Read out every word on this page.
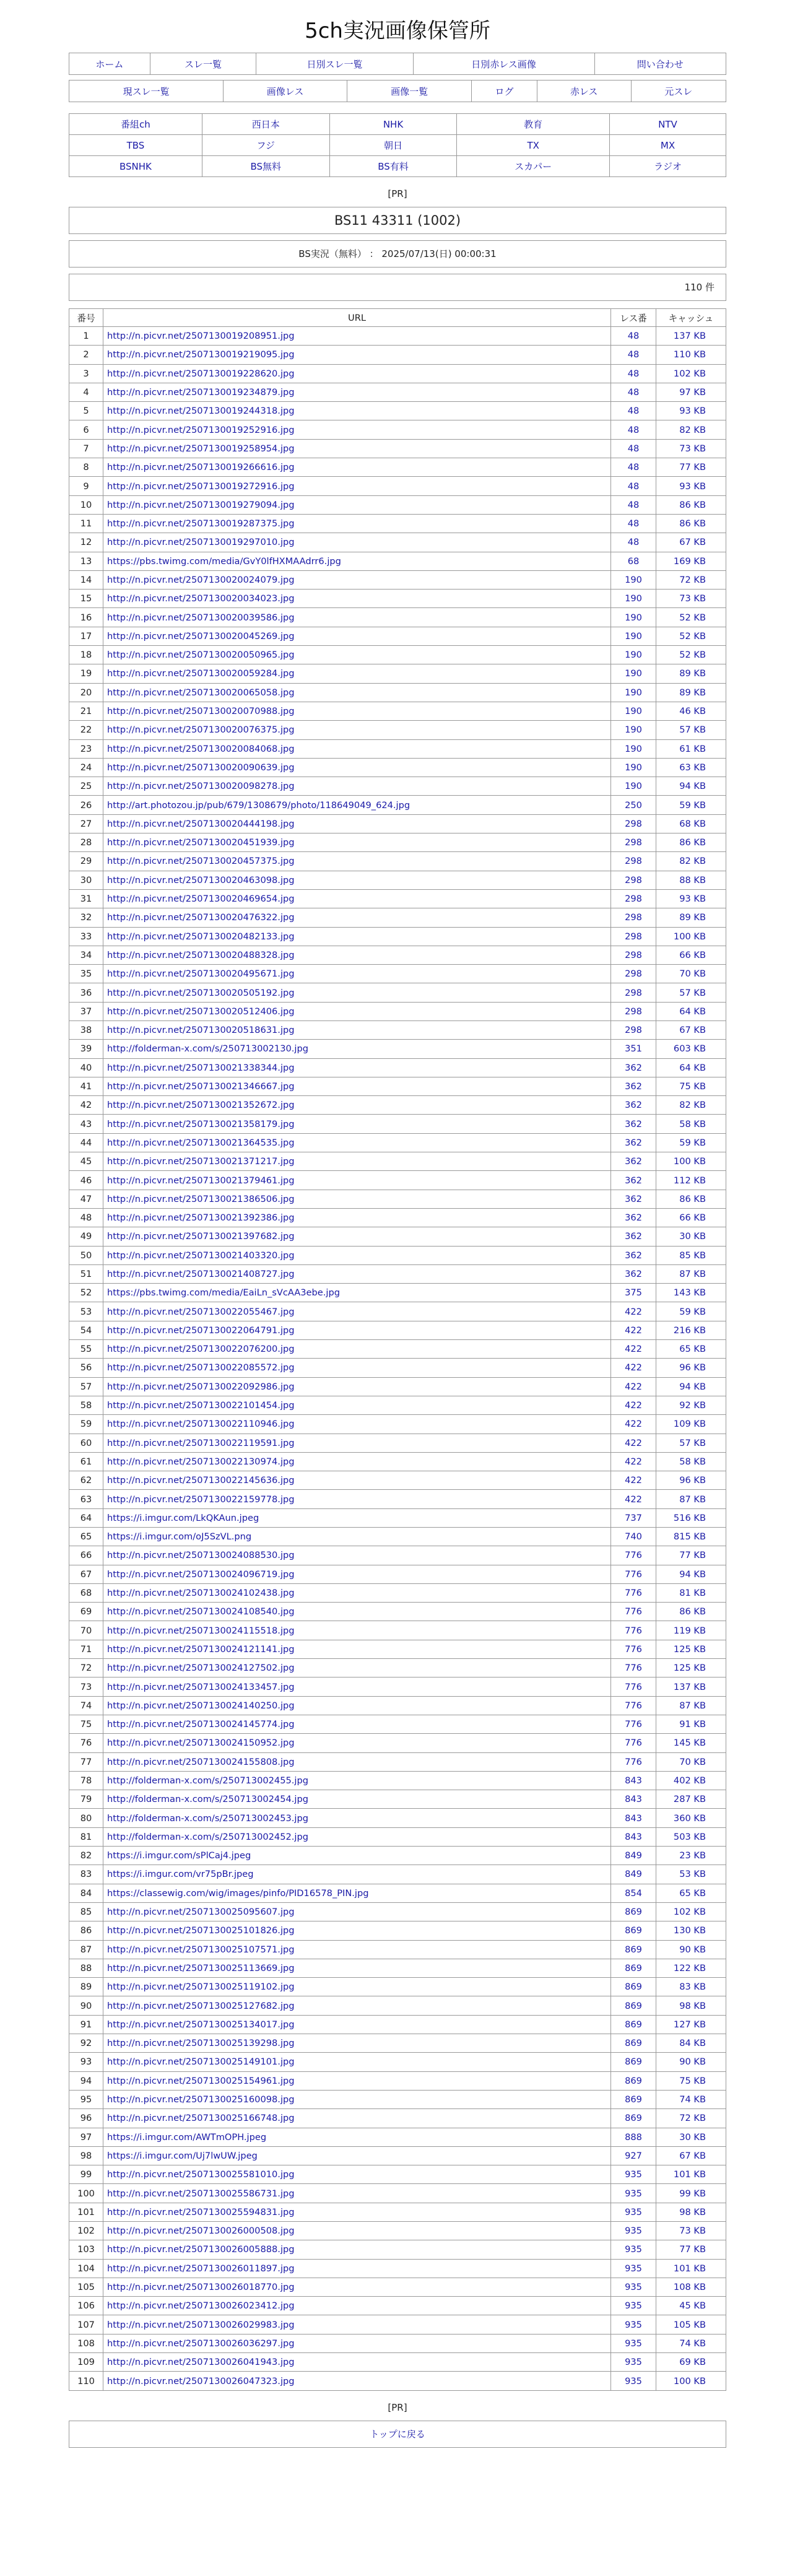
5ch実況画像保管所
ホーム	スレ一覧	日別スレ一覧	日別赤レス画像	問い合わせ
現スレ一覧	画像レス	画像一覧	ログ	赤レス	元スレ
番組ch	西日本	NHK	教育	NTV
TBS	フジ	朝日	TX	MX
BSNHK	BS無料	BS有料	スカパー	ラジオ
[PR]
BS11 43311 (1002)
BS実況（無料） ： 2025/07/13(日) 00:00:31
110 件
番号	URL	レス番	キャッシュ
1	http://n.picvr.net/2507130019208951.jpg	48	137 KB
2	http://n.picvr.net/2507130019219095.jpg	48	110 KB
3	http://n.picvr.net/2507130019228620.jpg	48	102 KB
4	http://n.picvr.net/2507130019234879.jpg	48	97 KB
5	http://n.picvr.net/2507130019244318.jpg	48	93 KB
6	http://n.picvr.net/2507130019252916.jpg	48	82 KB
7	http://n.picvr.net/2507130019258954.jpg	48	73 KB
8	http://n.picvr.net/2507130019266616.jpg	48	77 KB
9	http://n.picvr.net/2507130019272916.jpg	48	93 KB
10	http://n.picvr.net/2507130019279094.jpg	48	86 KB
11	http://n.picvr.net/2507130019287375.jpg	48	86 KB
12	http://n.picvr.net/2507130019297010.jpg	48	67 KB
13	https://pbs.twimg.com/media/GvY0lfHXMAAdrr6.jpg	68	169 KB
14	http://n.picvr.net/2507130020024079.jpg	190	72 KB
15	http://n.picvr.net/2507130020034023.jpg	190	73 KB
16	http://n.picvr.net/2507130020039586.jpg	190	52 KB
17	http://n.picvr.net/2507130020045269.jpg	190	52 KB
18	http://n.picvr.net/2507130020050965.jpg	190	52 KB
19	http://n.picvr.net/2507130020059284.jpg	190	89 KB
20	http://n.picvr.net/2507130020065058.jpg	190	89 KB
21	http://n.picvr.net/2507130020070988.jpg	190	46 KB
22	http://n.picvr.net/2507130020076375.jpg	190	57 KB
23	http://n.picvr.net/2507130020084068.jpg	190	61 KB
24	http://n.picvr.net/2507130020090639.jpg	190	63 KB
25	http://n.picvr.net/2507130020098278.jpg	190	94 KB
26	http://art.photozou.jp/pub/679/1308679/photo/118649049_624.jpg	250	59 KB
27	http://n.picvr.net/2507130020444198.jpg	298	68 KB
28	http://n.picvr.net/2507130020451939.jpg	298	86 KB
29	http://n.picvr.net/2507130020457375.jpg	298	82 KB
30	http://n.picvr.net/2507130020463098.jpg	298	88 KB
31	http://n.picvr.net/2507130020469654.jpg	298	93 KB
32	http://n.picvr.net/2507130020476322.jpg	298	89 KB
33	http://n.picvr.net/2507130020482133.jpg	298	100 KB
34	http://n.picvr.net/2507130020488328.jpg	298	66 KB
35	http://n.picvr.net/2507130020495671.jpg	298	70 KB
36	http://n.picvr.net/2507130020505192.jpg	298	57 KB
37	http://n.picvr.net/2507130020512406.jpg	298	64 KB
38	http://n.picvr.net/2507130020518631.jpg	298	67 KB
39	http://folderman-x.com/s/250713002130.jpg	351	603 KB
40	http://n.picvr.net/2507130021338344.jpg	362	64 KB
41	http://n.picvr.net/2507130021346667.jpg	362	75 KB
42	http://n.picvr.net/2507130021352672.jpg	362	82 KB
43	http://n.picvr.net/2507130021358179.jpg	362	58 KB
44	http://n.picvr.net/2507130021364535.jpg	362	59 KB
45	http://n.picvr.net/2507130021371217.jpg	362	100 KB
46	http://n.picvr.net/2507130021379461.jpg	362	112 KB
47	http://n.picvr.net/2507130021386506.jpg	362	86 KB
48	http://n.picvr.net/2507130021392386.jpg	362	66 KB
49	http://n.picvr.net/2507130021397682.jpg	362	30 KB
50	http://n.picvr.net/2507130021403320.jpg	362	85 KB
51	http://n.picvr.net/2507130021408727.jpg	362	87 KB
52	https://pbs.twimg.com/media/EaiLn_sVcAA3ebe.jpg	375	143 KB
53	http://n.picvr.net/2507130022055467.jpg	422	59 KB
54	http://n.picvr.net/2507130022064791.jpg	422	216 KB
55	http://n.picvr.net/2507130022076200.jpg	422	65 KB
56	http://n.picvr.net/2507130022085572.jpg	422	96 KB
57	http://n.picvr.net/2507130022092986.jpg	422	94 KB
58	http://n.picvr.net/2507130022101454.jpg	422	92 KB
59	http://n.picvr.net/2507130022110946.jpg	422	109 KB
60	http://n.picvr.net/2507130022119591.jpg	422	57 KB
61	http://n.picvr.net/2507130022130974.jpg	422	58 KB
62	http://n.picvr.net/2507130022145636.jpg	422	96 KB
63	http://n.picvr.net/2507130022159778.jpg	422	87 KB
64	https://i.imgur.com/LkQKAun.jpeg	737	516 KB
65	https://i.imgur.com/oJ5SzVL.png	740	815 KB
66	http://n.picvr.net/2507130024088530.jpg	776	77 KB
67	http://n.picvr.net/2507130024096719.jpg	776	94 KB
68	http://n.picvr.net/2507130024102438.jpg	776	81 KB
69	http://n.picvr.net/2507130024108540.jpg	776	86 KB
70	http://n.picvr.net/2507130024115518.jpg	776	119 KB
71	http://n.picvr.net/2507130024121141.jpg	776	125 KB
72	http://n.picvr.net/2507130024127502.jpg	776	125 KB
73	http://n.picvr.net/2507130024133457.jpg	776	137 KB
74	http://n.picvr.net/2507130024140250.jpg	776	87 KB
75	http://n.picvr.net/2507130024145774.jpg	776	91 KB
76	http://n.picvr.net/2507130024150952.jpg	776	145 KB
77	http://n.picvr.net/2507130024155808.jpg	776	70 KB
78	http://folderman-x.com/s/250713002455.jpg	843	402 KB
79	http://folderman-x.com/s/250713002454.jpg	843	287 KB
80	http://folderman-x.com/s/250713002453.jpg	843	360 KB
81	http://folderman-x.com/s/250713002452.jpg	843	503 KB
82	https://i.imgur.com/sPlCaj4.jpeg	849	23 KB
83	https://i.imgur.com/vr75pBr.jpeg	849	53 KB
84	https://classewig.com/wig/images/pinfo/PID16578_PIN.jpg	854	65 KB
85	http://n.picvr.net/2507130025095607.jpg	869	102 KB
86	http://n.picvr.net/2507130025101826.jpg	869	130 KB
87	http://n.picvr.net/2507130025107571.jpg	869	90 KB
88	http://n.picvr.net/2507130025113669.jpg	869	122 KB
89	http://n.picvr.net/2507130025119102.jpg	869	83 KB
90	http://n.picvr.net/2507130025127682.jpg	869	98 KB
91	http://n.picvr.net/2507130025134017.jpg	869	127 KB
92	http://n.picvr.net/2507130025139298.jpg	869	84 KB
93	http://n.picvr.net/2507130025149101.jpg	869	90 KB
94	http://n.picvr.net/2507130025154961.jpg	869	75 KB
95	http://n.picvr.net/2507130025160098.jpg	869	74 KB
96	http://n.picvr.net/2507130025166748.jpg	869	72 KB
97	https://i.imgur.com/AWTmOPH.jpeg	888	30 KB
98	https://i.imgur.com/Uj7lwUW.jpeg	927	67 KB
99	http://n.picvr.net/2507130025581010.jpg	935	101 KB
100	http://n.picvr.net/2507130025586731.jpg	935	99 KB
101	http://n.picvr.net/2507130025594831.jpg	935	98 KB
102	http://n.picvr.net/2507130026000508.jpg	935	73 KB
103	http://n.picvr.net/2507130026005888.jpg	935	77 KB
104	http://n.picvr.net/2507130026011897.jpg	935	101 KB
105	http://n.picvr.net/2507130026018770.jpg	935	108 KB
106	http://n.picvr.net/2507130026023412.jpg	935	45 KB
107	http://n.picvr.net/2507130026029983.jpg	935	105 KB
108	http://n.picvr.net/2507130026036297.jpg	935	74 KB
109	http://n.picvr.net/2507130026041943.jpg	935	69 KB
110	http://n.picvr.net/2507130026047323.jpg	935	100 KB
[PR]
トップに戻る
